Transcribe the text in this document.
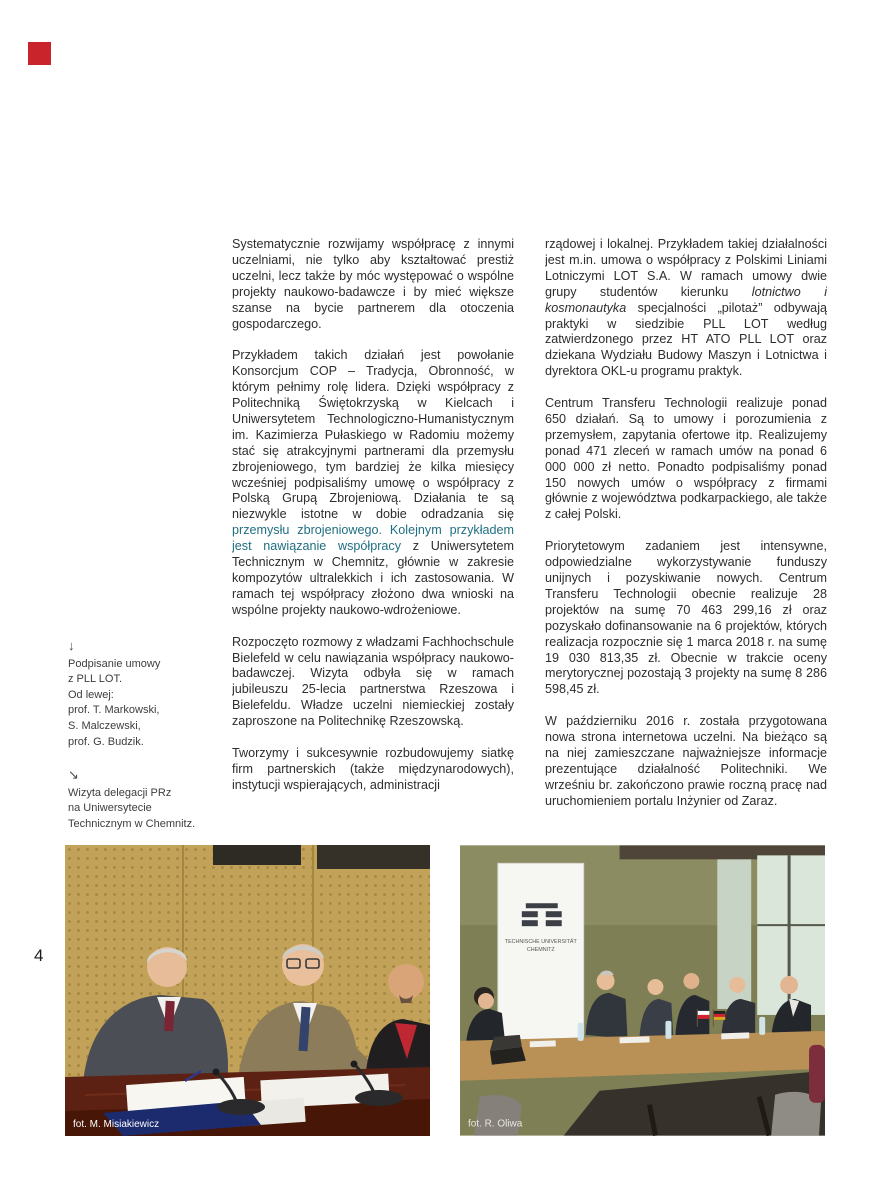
Systematycznie rozwijamy współpracę z innymi uczelniami, nie tylko aby kształtować prestiż uczelni, lecz także by móc występować o wspólne projekty naukowo-badawcze i by mieć większe szanse na bycie partnerem dla otoczenia gospodarczego.

Przykładem takich działań jest powołanie Konsorcjum COP – Tradycja, Obronność, w którym pełnimy rolę lidera. Dzięki współpracy z Politechniką Świętokrzyską w Kielcach i Uniwersytetem Technologiczno-Humanistycznym im. Kazimierza Pułaskiego w Radomiu możemy stać się atrakcyjnymi partnerami dla przemysłu zbrojeniowego, tym bardziej że kilka miesięcy wcześniej podpisaliśmy umowę o współpracy z Polską Grupą Zbrojeniową. Działania te są niezwykle istotne w dobie odradzania się przemysłu zbrojeniowego. Kolejnym przykładem jest nawiązanie współpracy z Uniwersytetem Technicznym w Chemnitz, głównie w zakresie kompozytów ultralekkich i ich zastosowania. W ramach tej współpracy złożono dwa wnioski na wspólne projekty naukowo-wdrożeniowe.

Rozpoczęto rozmowy z władzami Fachhochschule Bielefeld w celu nawiązania współpracy naukowo-badawczej. Wizyta odbyła się w ramach jubileuszu 25-lecia partnerstwa Rzeszowa i Bielefeldu. Władze uczelni niemieckiej zostały zaproszone na Politechnikę Rzeszowską.

Tworzymy i sukcesywnie rozbudowujemy siatkę firm partnerskich (także międzynarodowych), instytucji wspierających, administracji

rządowej i lokalnej. Przykładem takiej działalności jest m.in. umowa o współpracy z Polskimi Liniami Lotniczymi LOT S.A. W ramach umowy dwie grupy studentów kierunku lotnictwo i kosmonautyka specjalności „pilotaż” odbywają praktyki w siedzibie PLL LOT według zatwierdzonego przez HT ATO PLL LOT oraz dziekana Wydziału Budowy Maszyn i Lotnictwa i dyrektora OKL-u programu praktyk.

Centrum Transferu Technologii realizuje ponad 650 działań. Są to umowy i porozumienia z przemysłem, zapytania ofertowe itp. Realizujemy ponad 471 zleceń w ramach umów na ponad 6 000 000 zł netto. Ponadto podpisaliśmy ponad 150 nowych umów o współpracy z firmami głównie z województwa podkarpackiego, ale także z całej Polski.

Priorytetowym zadaniem jest intensywne, odpowiedzialne wykorzystywanie funduszy unijnych i pozyskiwanie nowych. Centrum Transferu Technologii obecnie realizuje 28 projektów na sumę 70 463 299,16 zł oraz pozyskało dofinansowanie na 6 projektów, których realizacja rozpocznie się 1 marca 2018 r. na sumę 19 030 813,35 zł. Obecnie w trakcie oceny merytorycznej pozostają 3 projekty na sumę 8 286 598,45 zł.

W październiku 2016 r. została przygotowana nowa strona internetowa uczelni. Na bieżąco są na niej zamieszczane najważniejsze informacje prezentujące działalność Politechniki. We wrześniu br. zakończono prawie roczną pracę nad uruchomieniem portalu Inżynier od Zaraz.

↓
Podpisanie umowy
z PLL LOT.
Od lewej:
prof. T. Markowski,
S. Malczewski,
prof. G. Budzik.
↘
Wizyta delegacji PRz
na Uniwersytecie
Technicznym w Chemnitz.
4
fot. M. Misiakiewicz
TECHNISCHE UNIVERSITÄT
CHEMNITZ
fot. R. Oliwa
